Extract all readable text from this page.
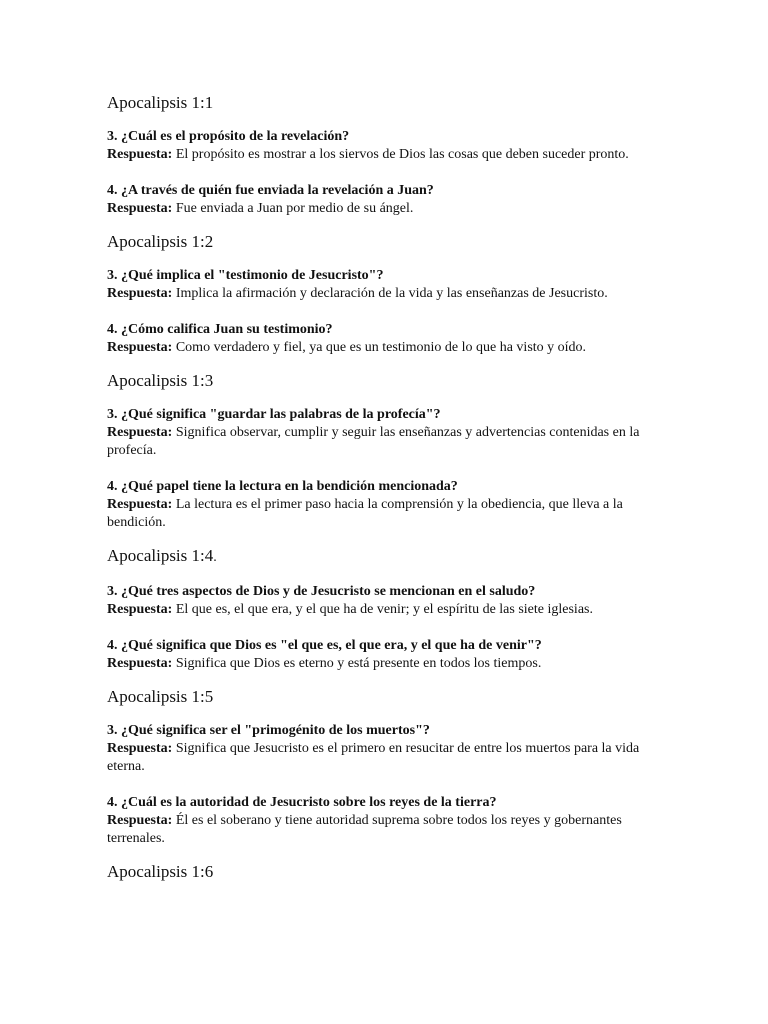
Apocalipsis 1:1
3. ¿Cuál es el propósito de la revelación?
Respuesta: El propósito es mostrar a los siervos de Dios las cosas que deben suceder pronto.
4. ¿A través de quién fue enviada la revelación a Juan?
Respuesta: Fue enviada a Juan por medio de su ángel.
Apocalipsis 1:2
3. ¿Qué implica el "testimonio de Jesucristo"?
Respuesta: Implica la afirmación y declaración de la vida y las enseñanzas de Jesucristo.
4. ¿Cómo califica Juan su testimonio?
Respuesta: Como verdadero y fiel, ya que es un testimonio de lo que ha visto y oído.
Apocalipsis 1:3
3. ¿Qué significa "guardar las palabras de la profecía"?
Respuesta: Significa observar, cumplir y seguir las enseñanzas y advertencias contenidas en la profecía.
4. ¿Qué papel tiene la lectura en la bendición mencionada?
Respuesta: La lectura es el primer paso hacia la comprensión y la obediencia, que lleva a la bendición.
Apocalipsis 1:4.
3. ¿Qué tres aspectos de Dios y de Jesucristo se mencionan en el saludo?
Respuesta: El que es, el que era, y el que ha de venir; y el espíritu de las siete iglesias.
4. ¿Qué significa que Dios es "el que es, el que era, y el que ha de venir"?
Respuesta: Significa que Dios es eterno y está presente en todos los tiempos.
Apocalipsis 1:5
3. ¿Qué significa ser el "primogénito de los muertos"?
Respuesta: Significa que Jesucristo es el primero en resucitar de entre los muertos para la vida eterna.
4. ¿Cuál es la autoridad de Jesucristo sobre los reyes de la tierra?
Respuesta: Él es el soberano y tiene autoridad suprema sobre todos los reyes y gobernantes terrenales.
Apocalipsis 1:6
